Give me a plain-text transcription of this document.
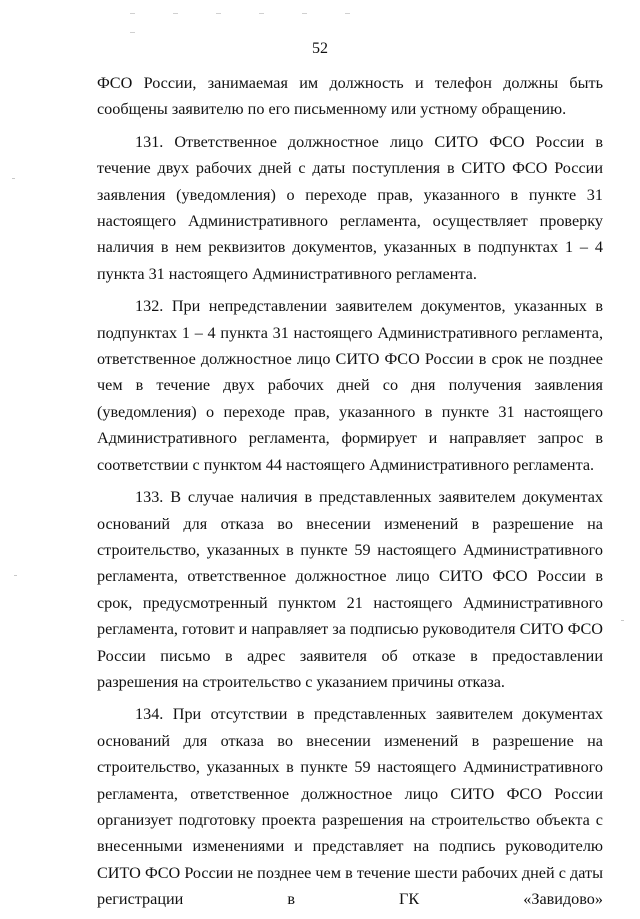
52

ФСО России, занимаемая им должность и телефон должны быть сообщены заявителю по его письменному или устному обращению.

131. Ответственное должностное лицо СИТО ФСО России в течение двух рабочих дней с даты поступления в СИТО ФСО России заявления (уведомления) о переходе прав, указанного в пункте 31 настоящего Административного регламента, осуществляет проверку наличия в нем реквизитов документов, указанных в подпунктах 1 – 4 пункта 31 настоящего Административного регламента.

132. При непредставлении заявителем документов, указанных в подпунктах 1 – 4 пункта 31 настоящего Административного регламента, ответственное должностное лицо СИТО ФСО России в срок не позднее чем в течение двух рабочих дней со дня получения заявления (уведомления) о переходе прав, указанного в пункте 31 настоящего Административного регламента, формирует и направляет запрос в соответствии с пунктом 44 настоящего Административного регламента.

133. В случае наличия в представленных заявителем документах оснований для отказа во внесении изменений в разрешение на строительство, указанных в пункте 59 настоящего Административного регламента, ответственное должностное лицо СИТО ФСО России в срок, предусмотренный пунктом 21 настоящего Административного регламента, готовит и направляет за подписью руководителя СИТО ФСО России письмо в адрес заявителя об отказе в предоставлении разрешения на строительство с указанием причины отказа.

134. При отсутствии в представленных заявителем документах оснований для отказа во внесении изменений в разрешение на строительство, указанных в пункте 59 настоящего Административного регламента, ответственное должностное лицо СИТО ФСО России организует подготовку проекта разрешения на строительство объекта с внесенными изменениями и представляет на подпись руководителю СИТО ФСО России не позднее чем в течение шести рабочих дней с даты регистрации в ГК «Завидово»
